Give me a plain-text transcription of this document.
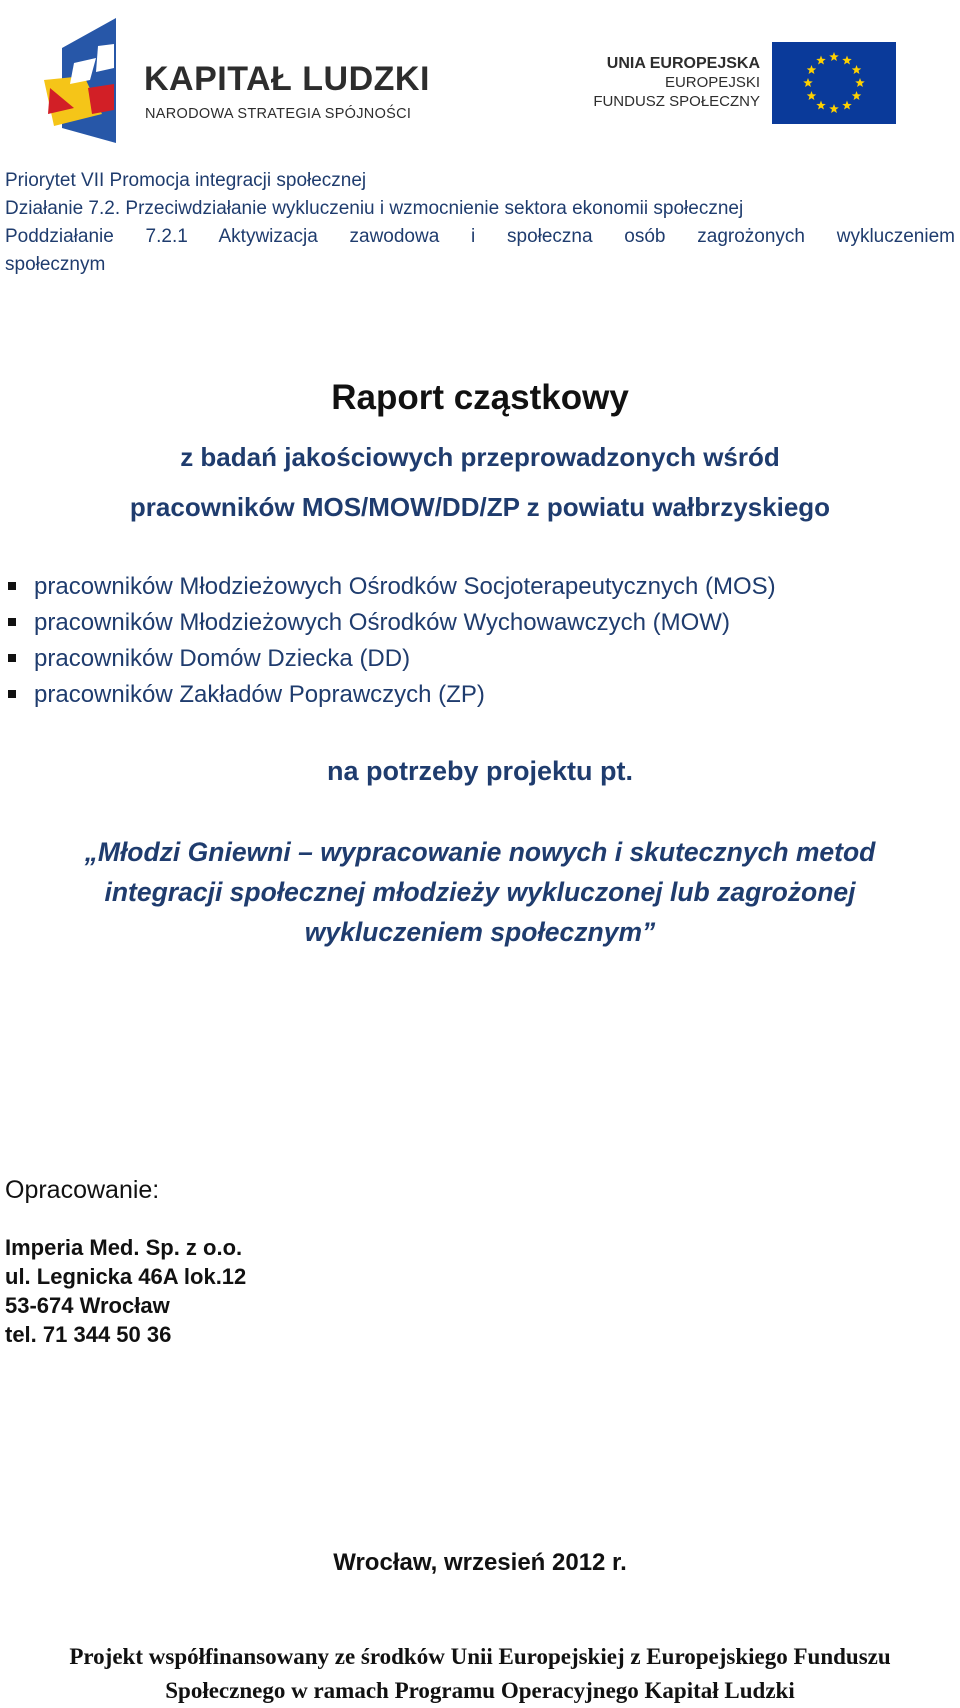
KAPITAŁ LUDZKI
NARODOWA STRATEGIA SPÓJNOŚCI
UNIA EUROPEJSKA
EUROPEJSKI
FUNDUSZ SPOŁECZNY
Priorytet VII Promocja integracji społecznej
Działanie 7.2. Przeciwdziałanie wykluczeniu i wzmocnienie sektora ekonomii społecznej
Poddziałanie 7.2.1 Aktywizacja zawodowa i społeczna osób zagrożonych wykluczeniem
społecznym
Raport cząstkowy
z badań jakościowych przeprowadzonych wśród
pracowników MOS/MOW/DD/ZP z powiatu wałbrzyskiego
pracowników Młodzieżowych Ośrodków Socjoterapeutycznych (MOS)
pracowników Młodzieżowych Ośrodków Wychowawczych (MOW)
pracowników Domów Dziecka (DD)
pracowników Zakładów Poprawczych (ZP)
na potrzeby projektu pt.
„Młodzi Gniewni – wypracowanie nowych i skutecznych metod
integracji społecznej młodzieży wykluczonej lub zagrożonej
wykluczeniem społecznym”
Opracowanie:
Imperia Med. Sp. z o.o.
ul. Legnicka 46A lok.12
53-674 Wrocław
tel. 71 344 50 36
Wrocław, wrzesień 2012 r.
Projekt współfinansowany ze środków Unii Europejskiej z Europejskiego Funduszu
Społecznego w ramach Programu Operacyjnego Kapitał Ludzki
